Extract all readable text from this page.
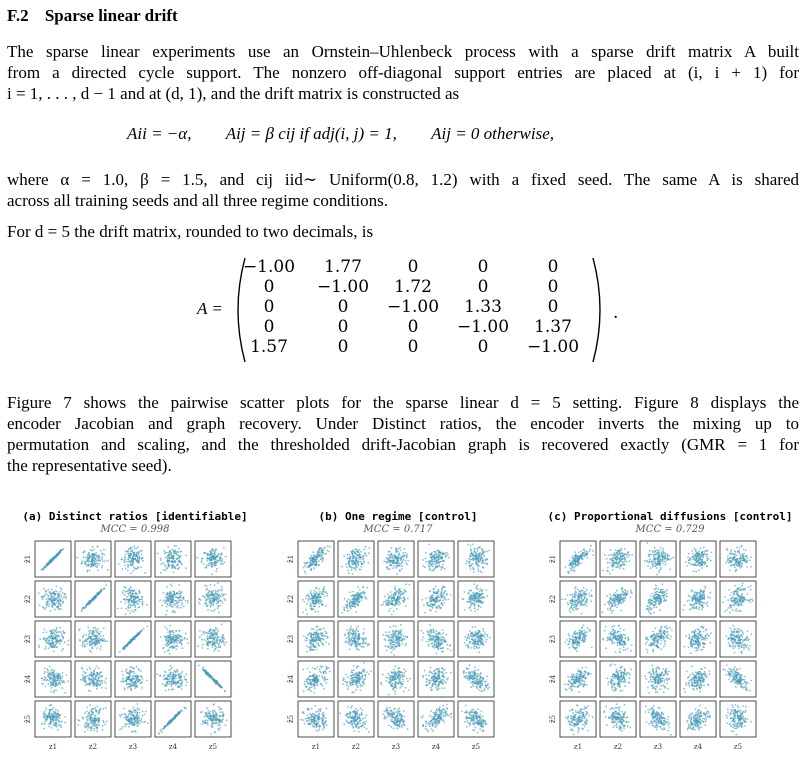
F.2 Sparse linear drift
The sparse linear experiments use an Ornstein–Uhlenbeck process with a sparse drift matrix A built
from a directed cycle support. The nonzero off-diagonal support entries are placed at (i, i + 1) for
i = 1, . . . , d − 1 and at (d, 1), and the drift matrix is constructed as
Aii = −α, Aij = β cij if adj(i, j) = 1, Aij = 0 otherwise,
where α = 1.0, β = 1.5, and cij iid∼ Uniform(0.8, 1.2) with a fixed seed. The same A is shared
across all training seeds and all three regime conditions.
For d = 5 the drift matrix, rounded to two decimals, is
A =
−1.00 1.77	0	0	0
0	−1.00 1.72	0	0
0	0 −1.00 1.33	0
0	0	0 −1.00 1.37
1.57	0	0	0 −1.00
.
Figure 7 shows the pairwise scatter plots for the sparse linear d = 5 setting. Figure 8 displays the
encoder Jacobian and graph recovery. Under Distinct ratios, the encoder inverts the mixing up to
permutation and scaling, and the thresholded drift-Jacobian graph is recovered exactly (GMR = 1 for
the representative seed).
(a) Distinct ratios [identifiable]
MCC = 0.998
(b) One regime [control]
MCC = 0.717
(c) Proportional diffusions [control]
MCC = 0.729
ẑ1
ẑ2
ẑ3
ẑ4
ẑ5
z1	z2	z3	z4	z5
ẑ1
ẑ2
ẑ3
ẑ4
ẑ5
z1	z2	z3	z4	z5
ẑ1
ẑ2
ẑ3
ẑ4
ẑ5
z1	z2	z3	z4	z5
